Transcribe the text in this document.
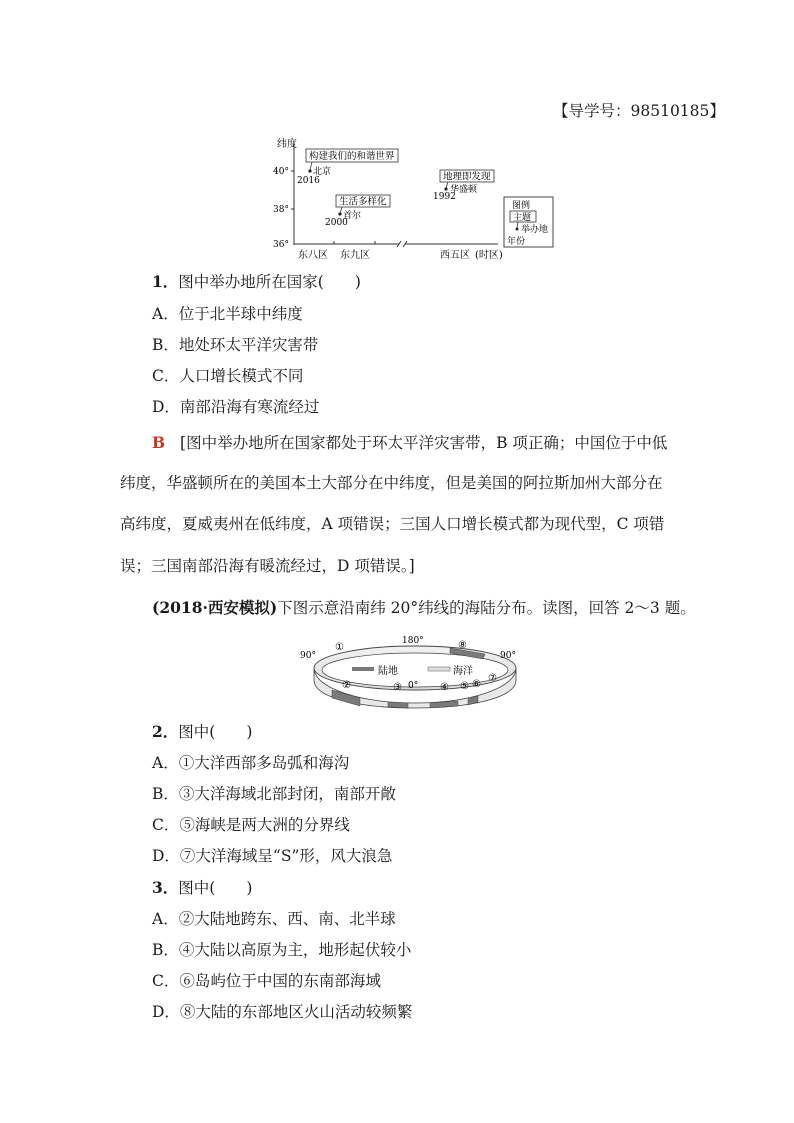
【导学号：98510185】
纬度
40°
38°
36°
东八区 东九区	西五区 (时区)
构建我们的和谐世界
北京
2016
生活多样化
首尔
2000
地理即发现
华盛顿
1992
图例
主题
举办地
年份
1．图中举办地所在国家(　　)
A．位于北半球中纬度
B．地处环太平洋灾害带
C．人口增长模式不同
D．南部沿海有寒流经过
B [图中举办地所在国家都处于环太平洋灾害带，B 项正确；中国位于中低
纬度，华盛顿所在的美国本土大部分在中纬度，但是美国的阿拉斯加州大部分在
高纬度，夏威夷州在低纬度，A 项错误；三国人口增长模式都为现代型，C 项错
误；三国南部沿海有暖流经过，D 项错误。]
(2018·西安模拟)下图示意沿南纬 20°纬线的海陆分布。读图，回答 2～3 题。
90°	90°
180°
0°
陆地	海洋
①
②	③	④ ⑤ ⑥
⑦
⑧
2．图中(　　)
A．①大洋西部多岛弧和海沟
B．③大洋海域北部封闭，南部开敞
C．⑤海峡是两大洲的分界线
D．⑦大洋海域呈“S”形，风大浪急
3．图中(　　)
A．②大陆地跨东、西、南、北半球
B．④大陆以高原为主，地形起伏较小
C．⑥岛屿位于中国的东南部海域
D．⑧大陆的东部地区火山活动较频繁
